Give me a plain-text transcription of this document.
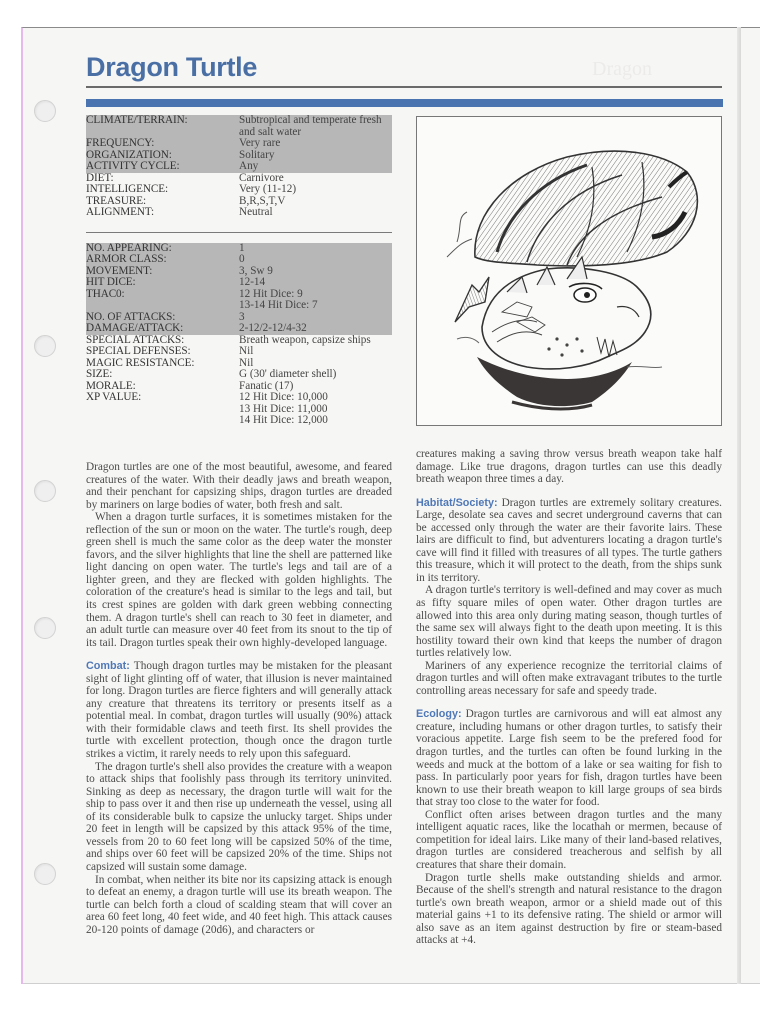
Dragon
Dragon Turtle
CLIMATE/TERRAIN:	Subtropical and temperate fresh
and salt water
FREQUENCY:	Very rare
ORGANIZATION:	Solitary
ACTIVITY CYCLE:	Any
DIET:	Carnivore
INTELLIGENCE:	Very (11-12)
TREASURE:	B,R,S,T,V
ALIGNMENT:	Neutral
NO. APPEARING:	1
ARMOR CLASS:	0
MOVEMENT:	3, Sw 9
HIT DICE:	12-14
THAC0:	12 Hit Dice: 9
13-14 Hit Dice: 7
NO. OF ATTACKS:	3
DAMAGE/ATTACK:	2-12/2-12/4-32
SPECIAL ATTACKS:	Breath weapon, capsize ships
SPECIAL DEFENSES:	Nil
MAGIC RESISTANCE:	Nil
SIZE:	G (30' diameter shell)
MORALE:	Fanatic (17)
XP VALUE:	12 Hit Dice: 10,000
13 Hit Dice: 11,000
14 Hit Dice: 12,000

Dragon turtles are one of the most beautiful, awesome, and feared creatures of the water. With their deadly jaws and breath weapon, and their penchant for capsizing ships, dragon turtles are dreaded by mariners on large bodies of water, both fresh and salt.

When a dragon turtle surfaces, it is sometimes mistaken for the reflection of the sun or moon on the water. The turtle's rough, deep green shell is much the same color as the deep water the monster favors, and the silver highlights that line the shell are patterned like light dancing on open water. The turtle's legs and tail are of a lighter green, and they are flecked with golden highlights. The coloration of the creature's head is similar to the legs and tail, but its crest spines are golden with dark green webbing connecting them. A dragon turtle's shell can reach to 30 feet in diameter, and an adult turtle can measure over 40 feet from its snout to the tip of its tail. Dragon turtles speak their own highly-developed language.

Combat: Though dragon turtles may be mistaken for the pleasant sight of light glinting off of water, that illusion is never maintained for long. Dragon turtles are fierce fighters and will generally attack any creature that threatens its territory or presents itself as a potential meal. In combat, dragon turtles will usually (90%) attack with their formidable claws and teeth first. Its shell provides the turtle with excellent protection, though once the dragon turtle strikes a victim, it rarely needs to rely upon this safeguard.

The dragon turtle's shell also provides the creature with a weapon to attack ships that foolishly pass through its territory uninvited. Sinking as deep as necessary, the dragon turtle will wait for the ship to pass over it and then rise up underneath the vessel, using all of its considerable bulk to capsize the unlucky target. Ships under 20 feet in length will be capsized by this attack 95% of the time, vessels from 20 to 60 feet long will be capsized 50% of the time, and ships over 60 feet will be capsized 20% of the time. Ships not capsized will sustain some damage.

In combat, when neither its bite nor its capsizing attack is enough to defeat an enemy, a dragon turtle will use its breath weapon. The turtle can belch forth a cloud of scalding steam that will cover an area 60 feet long, 40 feet wide, and 40 feet high. This attack causes 20-120 points of damage (20d6), and characters or

creatures making a saving throw versus breath weapon take half damage. Like true dragons, dragon turtles can use this deadly breath weapon three times a day.

Habitat/Society: Dragon turtles are extremely solitary creatures. Large, desolate sea caves and secret underground caverns that can be accessed only through the water are their favorite lairs. These lairs are difficult to find, but adventurers locating a dragon turtle's cave will find it filled with treasures of all types. The turtle gathers this treasure, which it will protect to the death, from the ships sunk in its territory.

A dragon turtle's territory is well-defined and may cover as much as fifty square miles of open water. Other dragon turtles are allowed into this area only during mating season, though turtles of the same sex will always fight to the death upon meeting. It is this hostility toward their own kind that keeps the number of dragon turtles relatively low.

Mariners of any experience recognize the territorial claims of dragon turtles and will often make extravagant tributes to the turtle controlling areas necessary for safe and speedy trade.

Ecology: Dragon turtles are carnivorous and will eat almost any creature, including humans or other dragon turtles, to satisfy their voracious appetite. Large fish seem to be the prefered food for dragon turtles, and the turtles can often be found lurking in the weeds and muck at the bottom of a lake or sea waiting for fish to pass. In particularly poor years for fish, dragon turtles have been known to use their breath weapon to kill large groups of sea birds that stray too close to the water for food.

Conflict often arises between dragon turtles and the many intelligent aquatic races, like the locathah or mermen, because of competition for ideal lairs. Like many of their land-based relatives, dragon turtles are considered treacherous and selfish by all creatures that share their domain.

Dragon turtle shells make outstanding shields and armor. Because of the shell's strength and natural resistance to the dragon turtle's own breath weapon, armor or a shield made out of this material gains +1 to its defensive rating. The shield or armor will also save as an item against destruction by fire or steam-based attacks at +4.
